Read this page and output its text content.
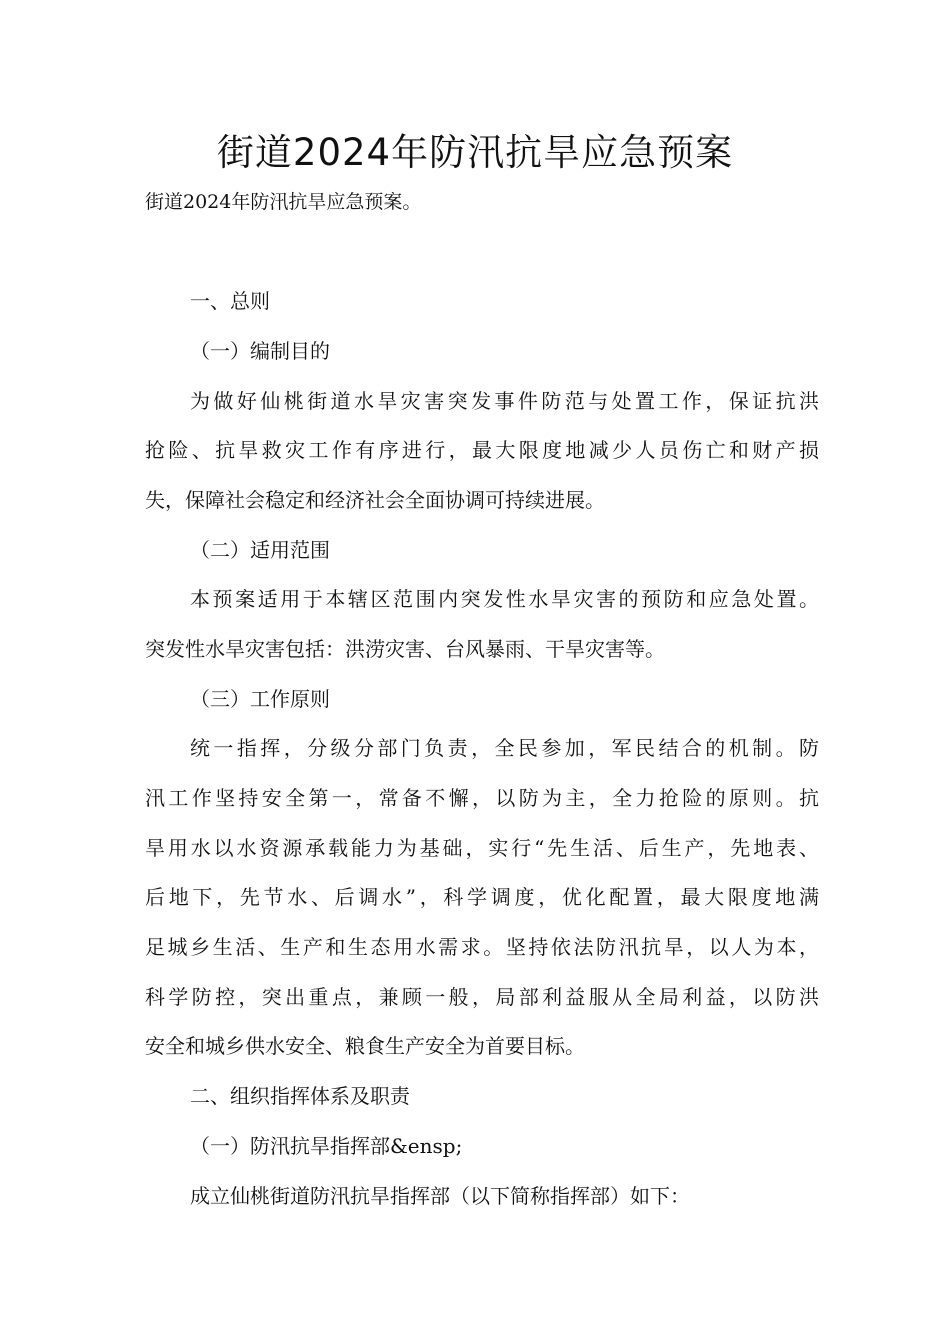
街道2024年防汛抗旱应急预案
街道2024年防汛抗旱应急预案。
一、总则
（一）编制目的
为做好仙桃街道水旱灾害突发事件防范与处置工作，保证抗洪
抢险、抗旱救灾工作有序进行，最大限度地减少人员伤亡和财产损
失，保障社会稳定和经济社会全面协调可持续进展。
（二）适用范围
本预案适用于本辖区范围内突发性水旱灾害的预防和应急处置。
突发性水旱灾害包括：洪涝灾害、台风暴雨、干旱灾害等。
（三）工作原则
统一指挥，分级分部门负责，全民参加，军民结合的机制。防
汛工作坚持安全第一，常备不懈，以防为主，全力抢险的原则。抗
旱用水以水资源承载能力为基础，实行“先生活、后生产，先地表、
后地下，先节水、后调水”，科学调度，优化配置，最大限度地满
足城乡生活、生产和生态用水需求。坚持依法防汛抗旱，以人为本，
科学防控，突出重点，兼顾一般，局部利益服从全局利益，以防洪
安全和城乡供水安全、粮食生产安全为首要目标。
二、组织指挥体系及职责
（一）防汛抗旱指挥部&ensp;
成立仙桃街道防汛抗旱指挥部（以下简称指挥部）如下：
